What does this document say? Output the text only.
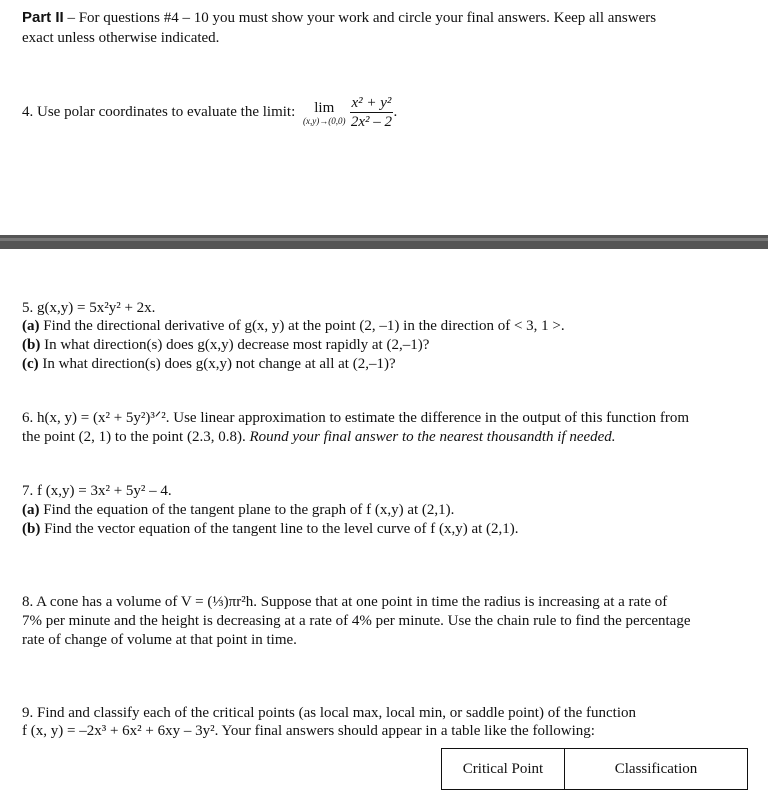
Part II – For questions #4 – 10 you must show your work and circle your final answers. Keep all answers
exact unless otherwise indicated.
4. Use polar coordinates to evaluate the limit:	lim
$(x,y)\to(0,0) \frac{\text{x² + y²}}{\text{2x² – 2}}$ .
5. g(x,y) = 5x²y² + 2x.
(a) Find the directional derivative of g(x, y) at the point (2, –1) in the direction of < 3, 1 >.
(b) In what direction(s) does g(x,y) decrease most rapidly at (2,–1)?
(c) In what direction(s) does g(x,y) not change at all at (2,–1)?
6. h(x, y) = (x² + 5y²)³ᐟ². Use linear approximation to estimate the difference in the output of this function from
the point (2, 1) to the point (2.3, 0.8). Round your final answer to the nearest thousandth if needed.
7. f (x,y) = 3x² + 5y² – 4.
(a) Find the equation of the tangent plane to the graph of f (x,y) at (2,1).
(b) Find the vector equation of the tangent line to the level curve of f (x,y) at (2,1).
8. A cone has a volume of V = (⅓)πr²h. Suppose that at one point in time the radius is increasing at a rate of
7% per minute and the height is decreasing at a rate of 4% per minute. Use the chain rule to find the percentage
rate of change of volume at that point in time.
9. Find and classify each of the critical points (as local max, local min, or saddle point) of the function
f (x, y) = –2x³ + 6x² + 6xy – 3y². Your final answers should appear in a table like the following:
Critical Point	Classification
